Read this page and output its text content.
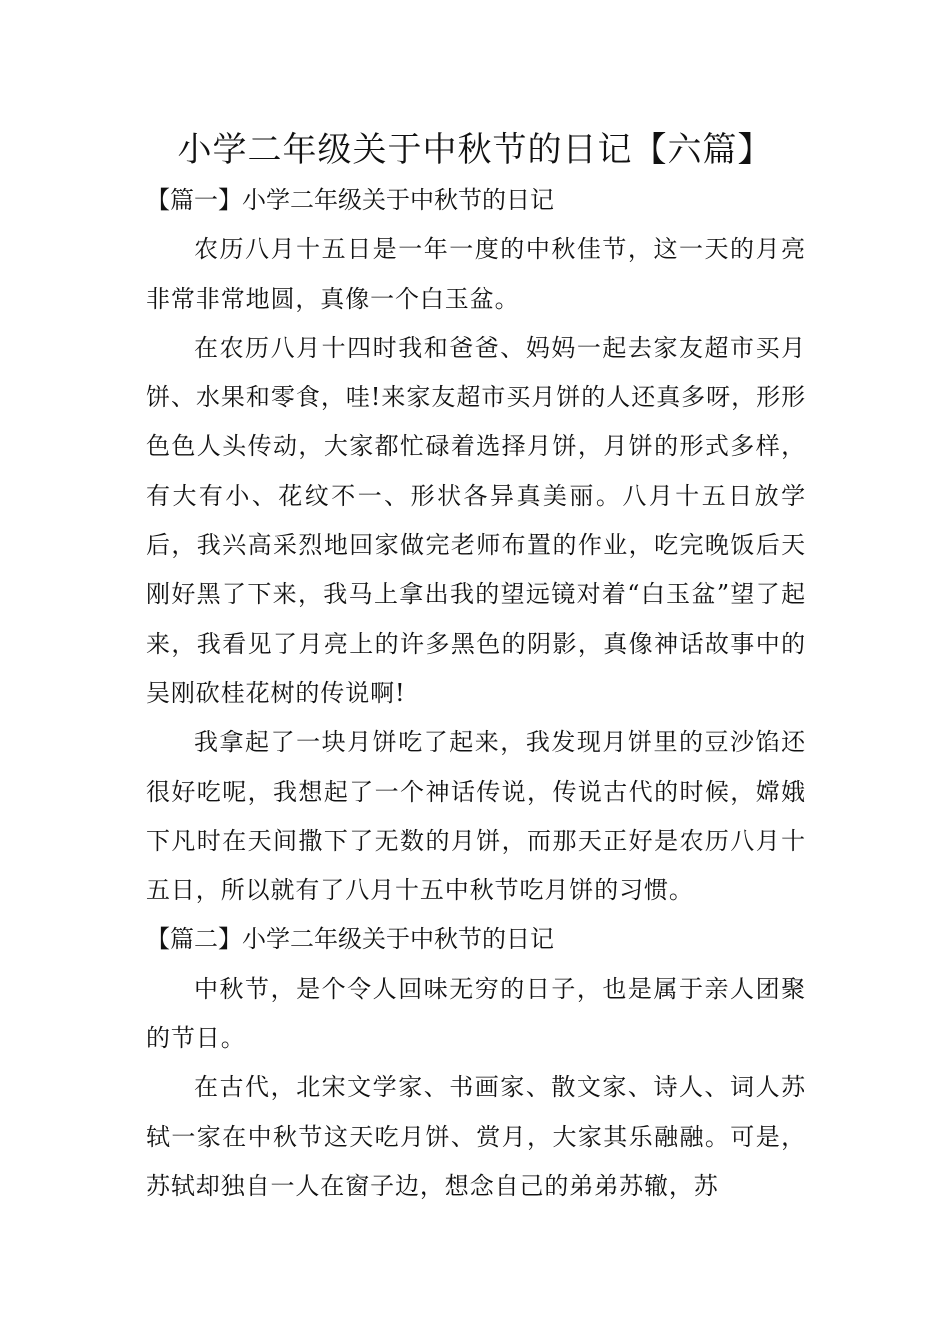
小学二年级关于中秋节的日记【六篇】
【篇一】小学二年级关于中秋节的日记

农历八月十五日是一年一度的中秋佳节，这一天的月亮非常非常地圆，真像一个白玉盆。

在农历八月十四时我和爸爸、妈妈一起去家友超市买月饼、水果和零食，哇!来家友超市买月饼的人还真多呀，形形色色人头传动，大家都忙碌着选择月饼，月饼的形式多样，有大有小、花纹不一、形状各异真美丽。八月十五日放学后，我兴高采烈地回家做完老师布置的作业，吃完晚饭后天刚好黑了下来，我马上拿出我的望远镜对着“白玉盆”望了起来，我看见了月亮上的许多黑色的阴影，真像神话故事中的吴刚砍桂花树的传说啊!

我拿起了一块月饼吃了起来，我发现月饼里的豆沙馅还很好吃呢，我想起了一个神话传说，传说古代的时候，嫦娥下凡时在天间撒下了无数的月饼，而那天正好是农历八月十五日，所以就有了八月十五中秋节吃月饼的习惯。

【篇二】小学二年级关于中秋节的日记

中秋节，是个令人回味无穷的日子，也是属于亲人团聚的节日。

在古代，北宋文学家、书画家、散文家、诗人、词人苏轼一家在中秋节这天吃月饼、赏月，大家其乐融融。可是，苏轼却独自一人在窗子边，想念自己的弟弟苏辙，苏
